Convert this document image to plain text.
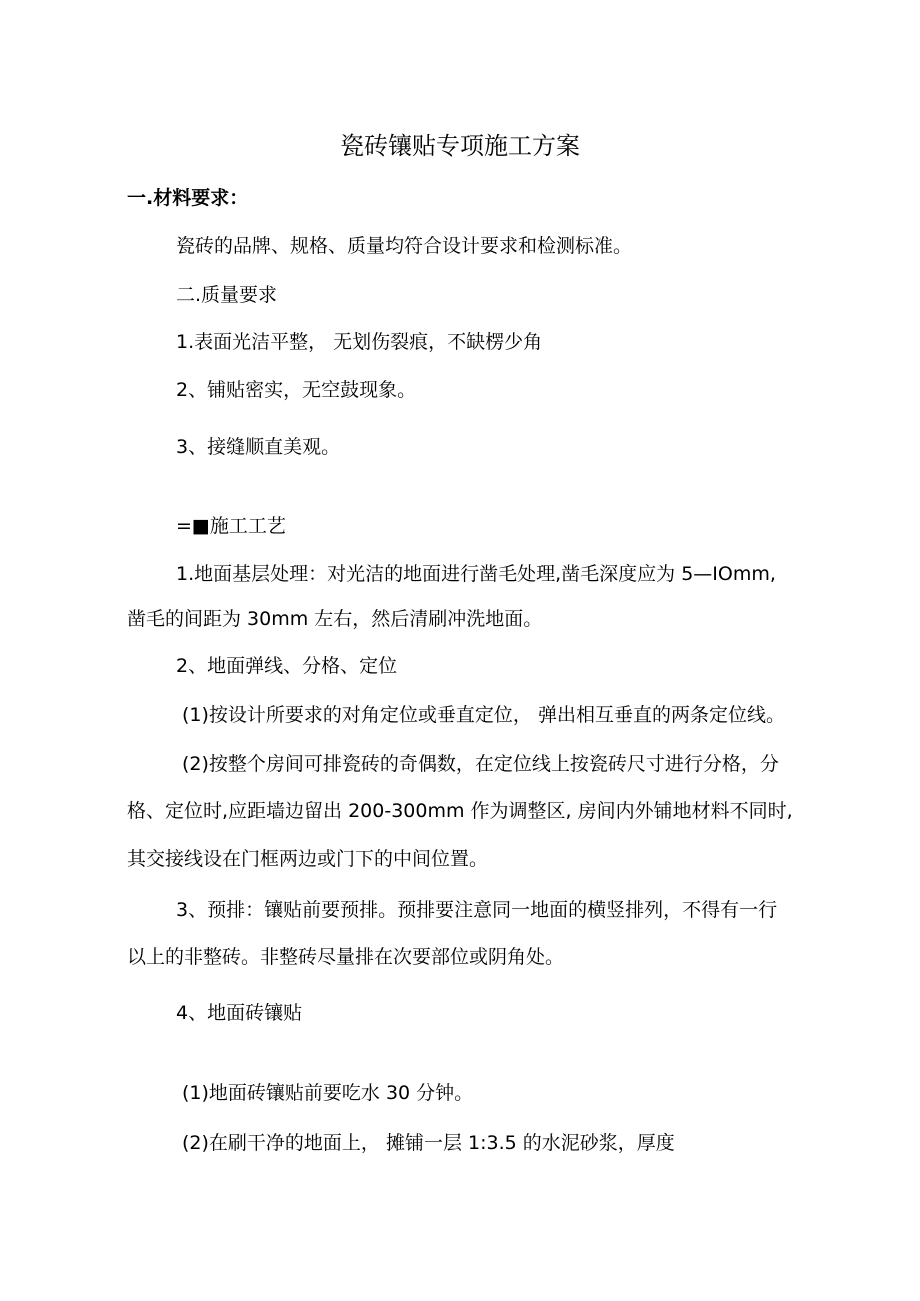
瓷砖镶贴专项施工方案
一.材料要求：
瓷砖的品牌、规格、质量均符合设计要求和检测标准。
二.质量要求
1.表面光洁平整， 无划伤裂痕，不缺楞少角
2、铺贴密实，无空鼓现象。
3、接缝顺直美观。
=■施工工艺
1.地面基层处理：对光洁的地面进行凿毛处理,凿毛深度应为 5—IOmm,
凿毛的间距为 30mm 左右，然后清刷冲洗地面。
2、地面弹线、分格、定位
(1)按设计所要求的对角定位或垂直定位， 弹出相互垂直的两条定位线。
(2)按整个房间可排瓷砖的奇偶数，在定位线上按瓷砖尺寸进行分格，分
格、定位时,应距墙边留出 200-300mm 作为调整区, 房间内外铺地材料不同时,
其交接线设在门框两边或门下的中间位置。
3、预排：镶贴前要预排。预排要注意同一地面的横竖排列，不得有一行
以上的非整砖。非整砖尽量排在次要部位或阴角处。
4、地面砖镶贴
(1)地面砖镶贴前要吃水 30 分钟。
(2)在刷干净的地面上， 摊铺一层 1:3.5 的水泥砂浆，厚度
